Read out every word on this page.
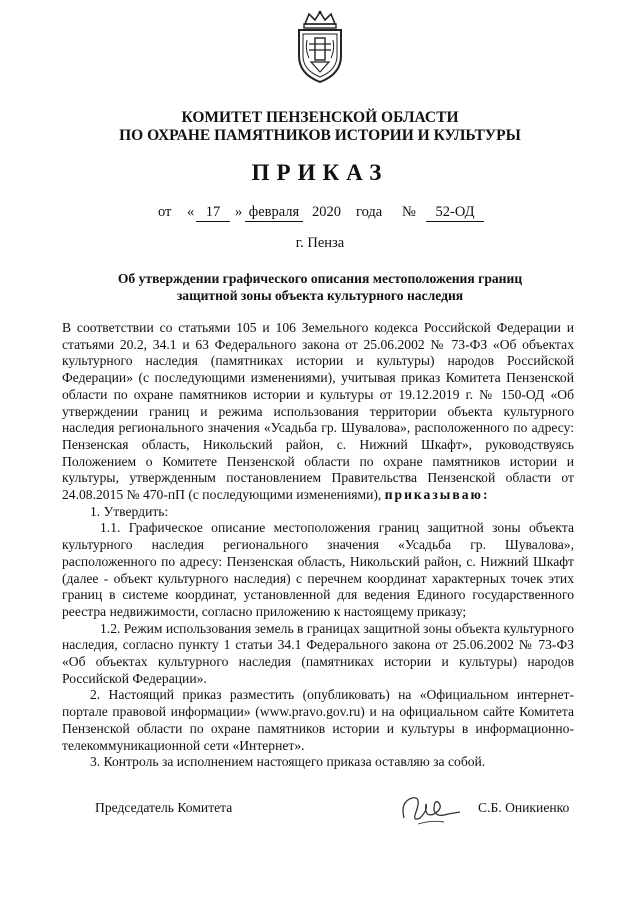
КОМИТЕТ ПЕНЗЕНСКОЙ ОБЛАСТИ
ПО ОХРАНЕ ПАМЯТНИКОВ ИСТОРИИ И КУЛЬТУРЫ
ПРИКАЗ
от « 17	» февраля 2020 года №	52-ОД
г. Пенза
Об утверждении графического описания местоположения границ
защитной зоны объекта культурного наследия

В соответствии со статьями 105 и 106 Земельного кодекса Российской Федерации и статьями 20.2, 34.1 и 63 Федерального закона от 25.06.2002 № 73-ФЗ «Об объектах культурного наследия (памятниках истории и культуры) народов Российской Федерации» (с последующими изменениями), учитывая приказ Комитета Пензенской области по охране памятников истории и культуры от 19.12.2019 г. № 150-ОД «Об утверждении границ и режима использования территории объекта культурного наследия регионального значения «Усадьба гр. Шувалова», расположенного по адресу: Пензенская область, Никольский район, с. Нижний Шкафт», руководствуясь Положением о Комитете Пензенской области по охране памятников истории и культуры, утвержденным постановлением Правительства Пензенской области от 24.08.2015 № 470-пП (с последующими изменениями), приказываю:

1. Утвердить:

1.1. Графическое описание местоположения границ защитной зоны объекта культурного наследия регионального значения «Усадьба гр. Шувалова», расположенного по адресу: Пензенская область, Никольский район, с. Нижний Шкафт (далее - объект культурного наследия) с перечнем координат характерных точек этих границ в системе координат, установленной для ведения Единого государственного реестра недвижимости, согласно приложению к настоящему приказу;

1.2. Режим использования земель в границах защитной зоны объекта культурного наследия, согласно пункту 1 статьи 34.1 Федерального закона от 25.06.2002 № 73-ФЗ «Об объектах культурного наследия (памятниках истории и культуры) народов Российской Федерации».

2. Настоящий приказ разместить (опубликовать) на «Официальном интернет-портале правовой информации» (www.pravo.gov.ru) и на официальном сайте Комитета Пензенской области по охране памятников истории и культуры в информационно-телекоммуникационной сети «Интернет».

3. Контроль за исполнением настоящего приказа оставляю за собой.

Председатель Комитета	С.Б. Оникиенко
